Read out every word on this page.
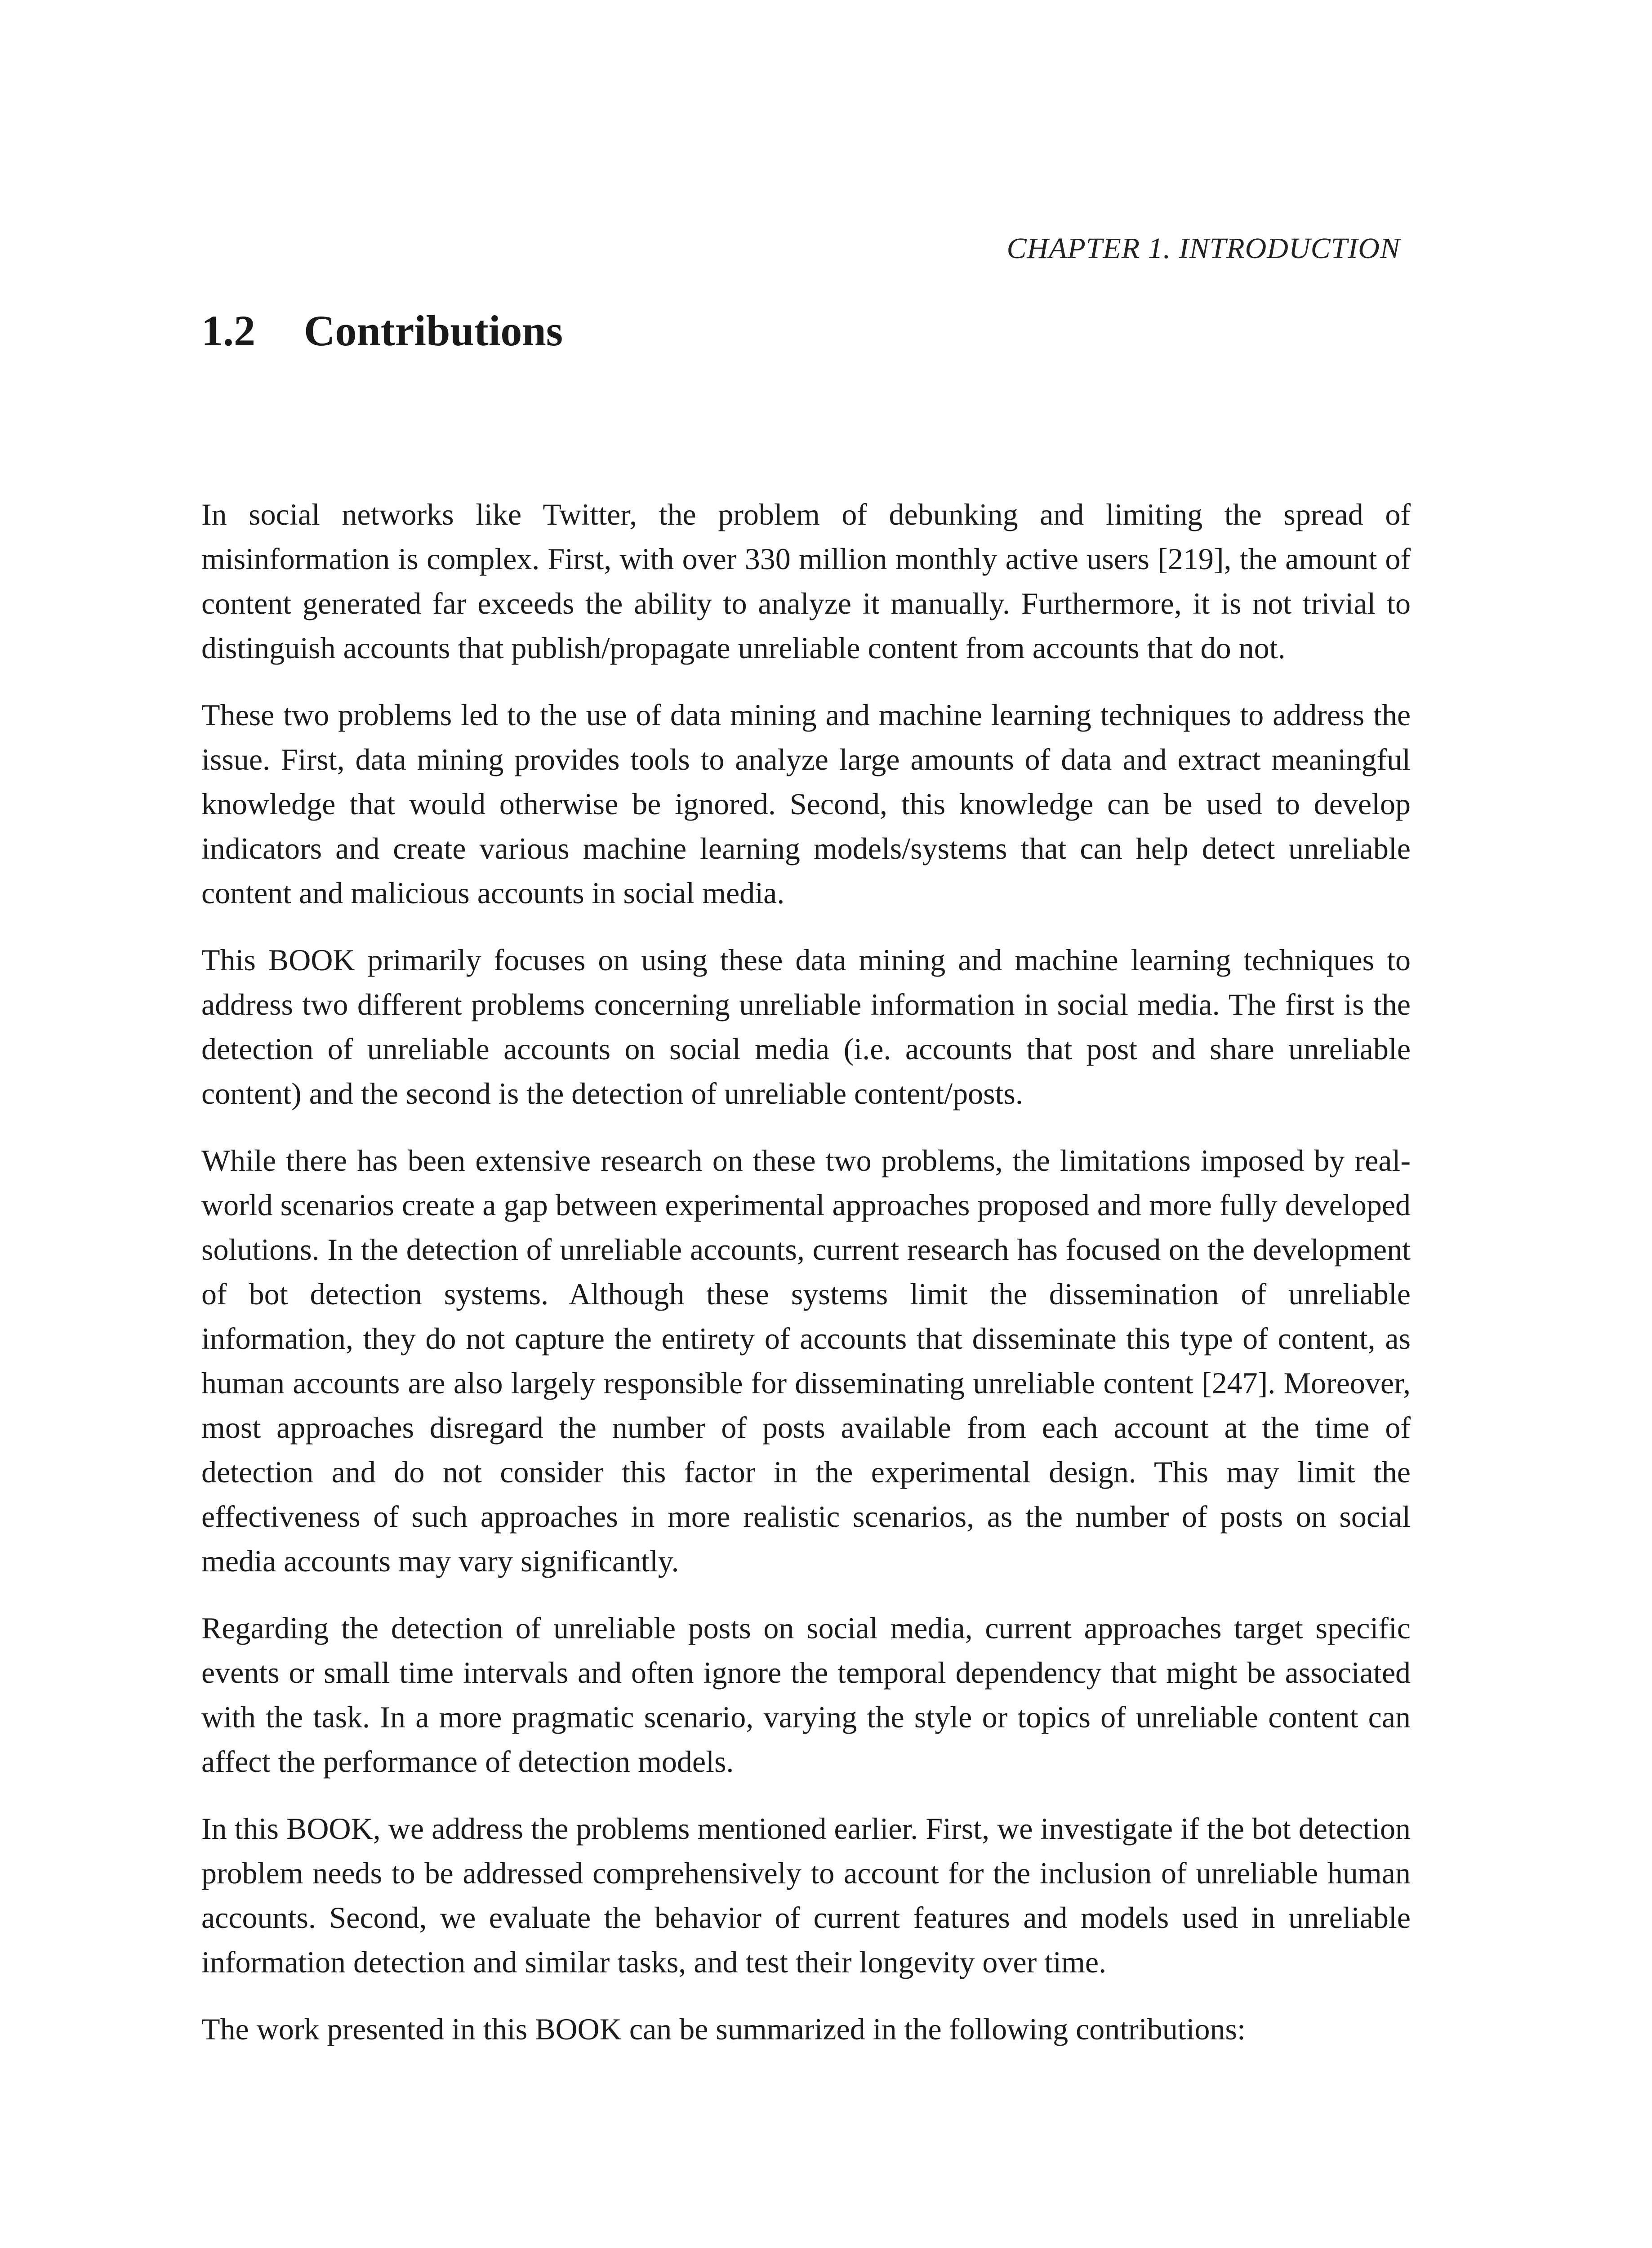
CHAPTER 1. INTRODUCTION
1.2 Contributions

In social networks like Twitter, the problem of debunking and limiting the spread of misinformation is complex. First, with over 330 million monthly active users [219], the amount of content generated far exceeds the ability to analyze it manually. Furthermore, it is not trivial to distinguish accounts that publish/propagate unreliable content from accounts that do not.

These two problems led to the use of data mining and machine learning techniques to address the issue. First, data mining provides tools to analyze large amounts of data and extract meaningful knowledge that would otherwise be ignored. Second, this knowledge can be used to develop indicators and create various machine learning models/systems that can help detect unreliable content and malicious accounts in social media.

This BOOK primarily focuses on using these data mining and machine learning techniques to address two different problems concerning unreliable information in social media. The first is the detection of unreliable accounts on social media (i.e. accounts that post and share unreliable content) and the second is the detection of unreliable content/posts.

While there has been extensive research on these two problems, the limitations imposed by real-world scenarios create a gap between experimental approaches proposed and more fully developed solutions. In the detection of unreliable accounts, current research has focused on the development of bot detection systems. Although these systems limit the dissemination of unreliable information, they do not capture the entirety of accounts that disseminate this type of content, as human accounts are also largely responsible for disseminating unreliable content [247]. Moreover, most approaches disregard the number of posts available from each account at the time of detection and do not consider this factor in the experimental design. This may limit the effectiveness of such approaches in more realistic scenarios, as the number of posts on social media accounts may vary significantly.

Regarding the detection of unreliable posts on social media, current approaches target specific events or small time intervals and often ignore the temporal dependency that might be associated with the task. In a more pragmatic scenario, varying the style or topics of unreliable content can affect the performance of detection models.

In this BOOK, we address the problems mentioned earlier. First, we investigate if the bot detection problem needs to be addressed comprehensively to account for the inclusion of unreliable human accounts. Second, we evaluate the behavior of current features and models used in unreliable information detection and similar tasks, and test their longevity over time.

The work presented in this BOOK can be summarized in the following contributions:
